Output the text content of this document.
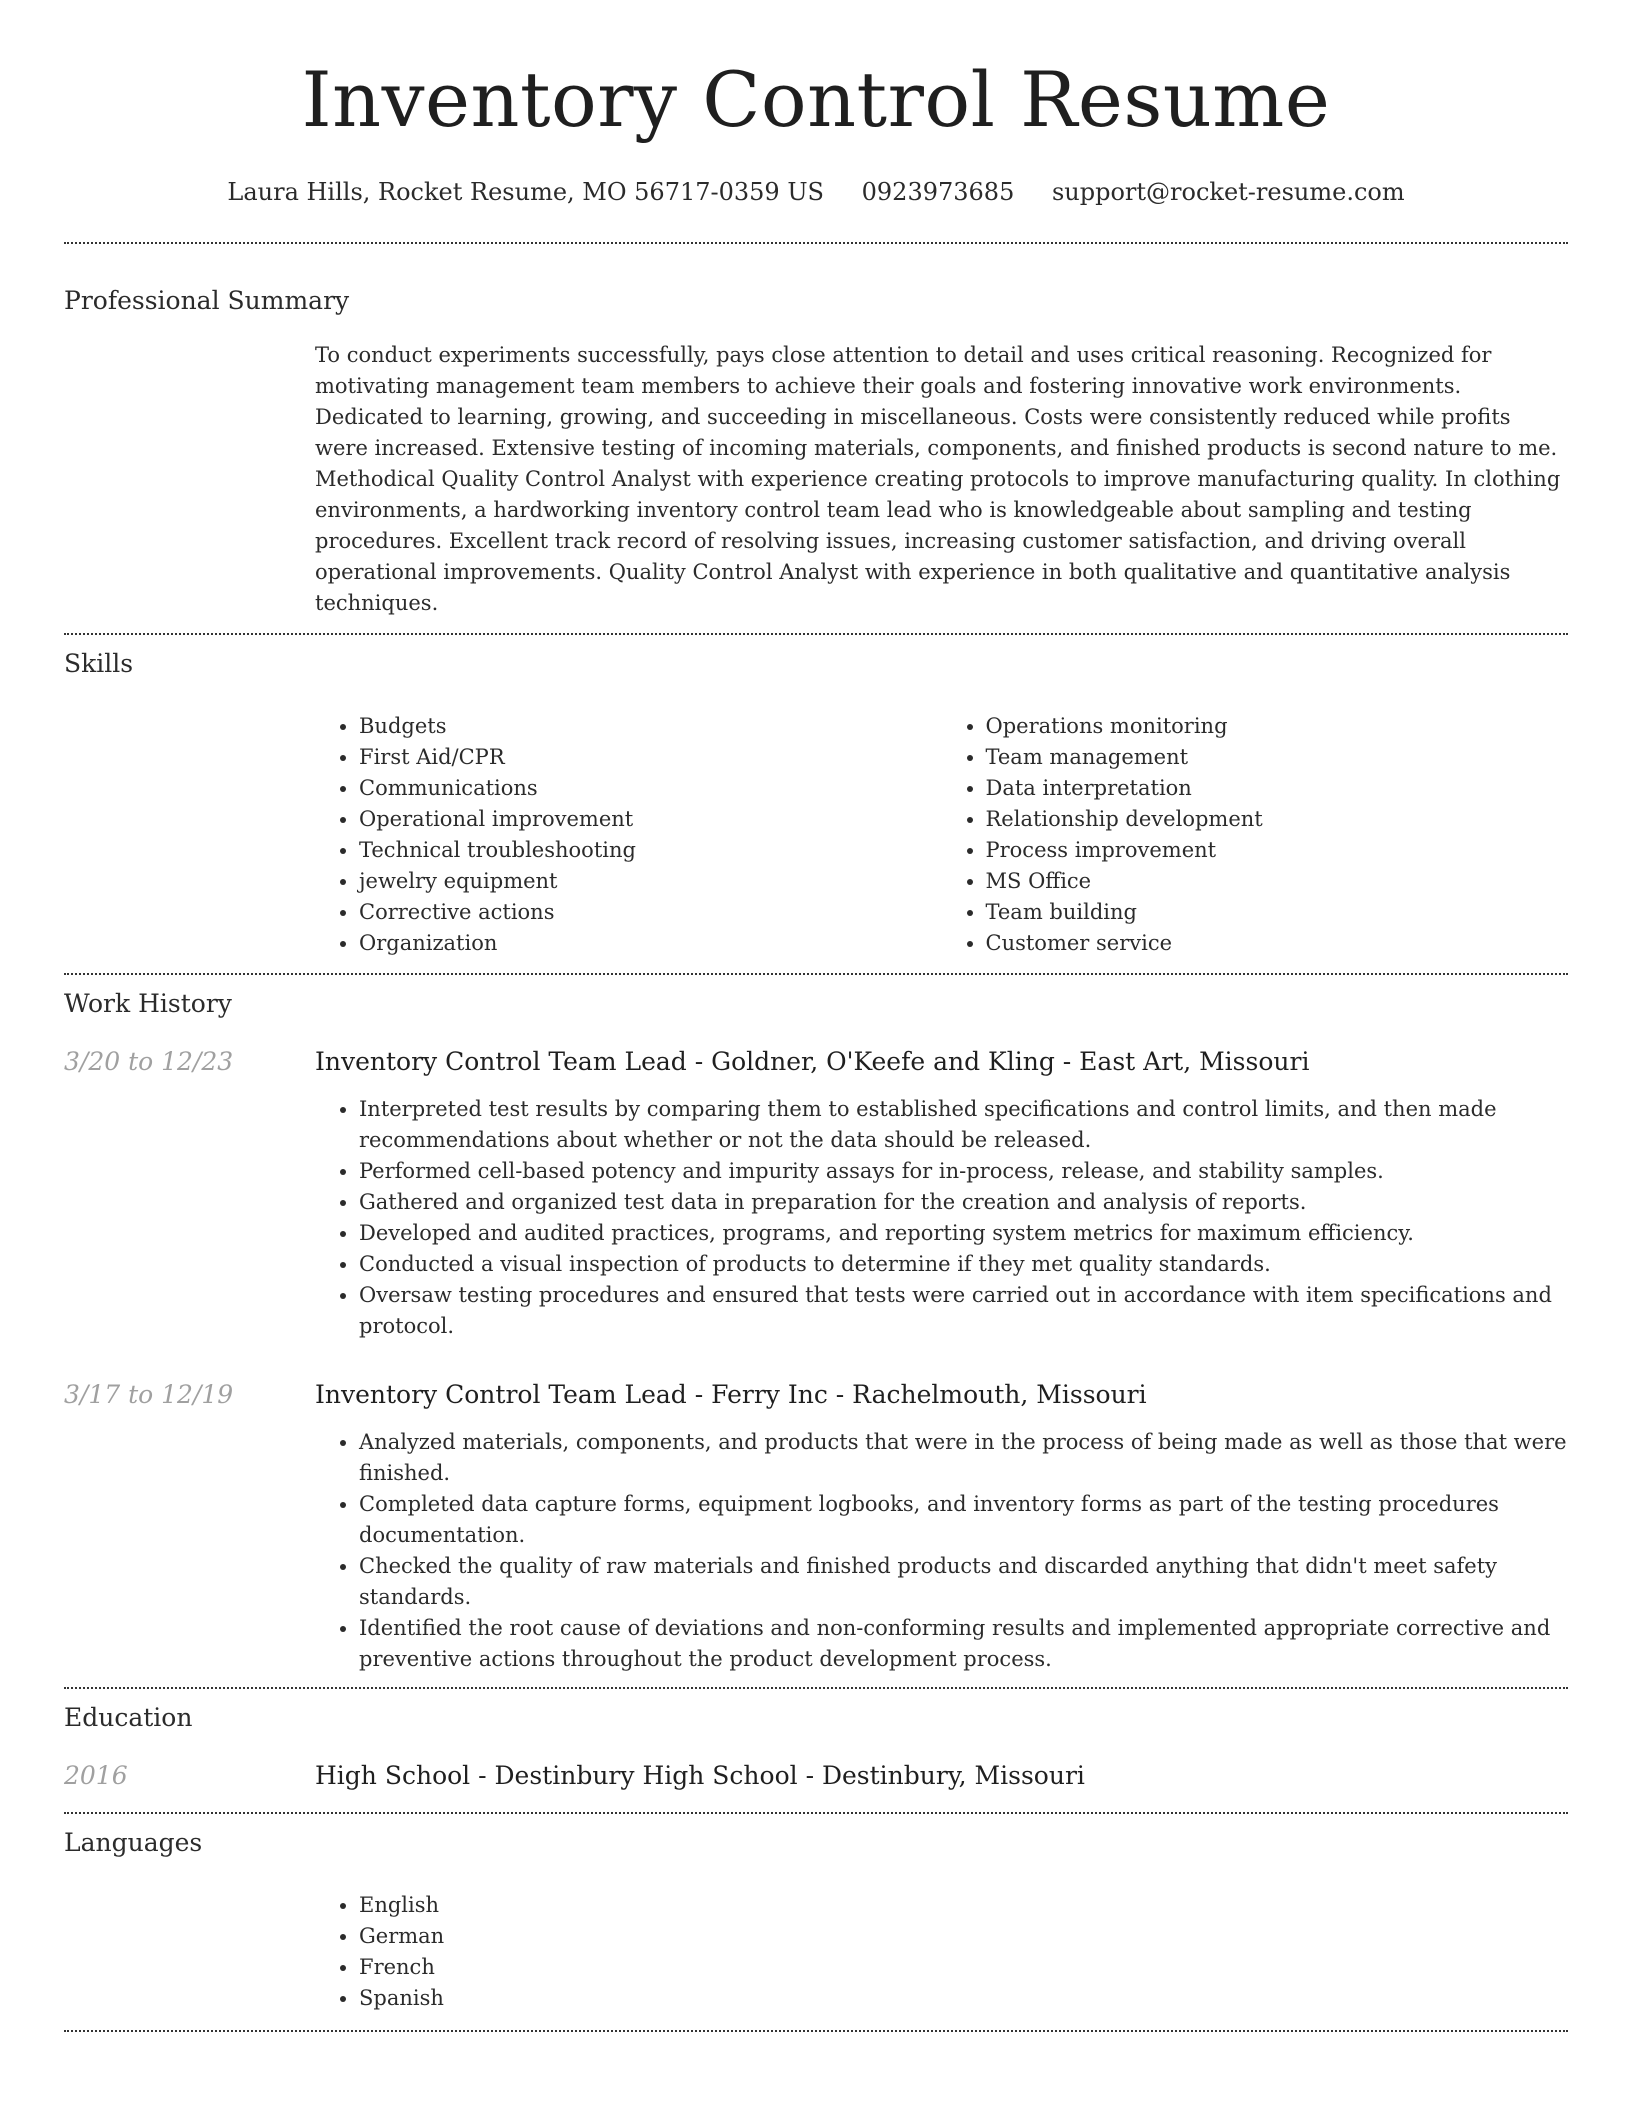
Inventory Control Resume
Laura Hills, Rocket Resume, MO 56717-0359 US 0923973685 support@rocket-resume.com
Professional Summary

To conduct experiments successfully, pays close attention to detail and uses critical reasoning. Recognized for motivating management team members to achieve their goals and fostering innovative work environments. Dedicated to learning, growing, and succeeding in miscellaneous. Costs were consistently reduced while profits were increased. Extensive testing of incoming materials, components, and finished products is second nature to me. Methodical Quality Control Analyst with experience creating protocols to improve manufacturing quality. In clothing environments, a hardworking inventory control team lead who is knowledgeable about sampling and testing procedures. Excellent track record of resolving issues, increasing customer satisfaction, and driving overall operational improvements. Quality Control Analyst with experience in both qualitative and quantitative analysis techniques.

Skills
• Budgets
• First Aid/CPR
• Communications
• Operational improvement
• Technical troubleshooting
• jewelry equipment
• Corrective actions
• Organization
• Operations monitoring
• Team management
• Data interpretation
• Relationship development
• Process improvement
• MS Office
• Team building
• Customer service
Work History
3/20 to 12/23	Inventory Control Team Lead - Goldner, O'Keefe and Kling - East Art, Missouri
• Interpreted test results by comparing them to established specifications and control limits, and then made recommendations about whether or not the data should be released.
• Performed cell-based potency and impurity assays for in-process, release, and stability samples.
• Gathered and organized test data in preparation for the creation and analysis of reports.
• Developed and audited practices, programs, and reporting system metrics for maximum efficiency.
• Conducted a visual inspection of products to determine if they met quality standards.
• Oversaw testing procedures and ensured that tests were carried out in accordance with item specifications and protocol.
3/17 to 12/19	Inventory Control Team Lead - Ferry Inc - Rachelmouth, Missouri
• Analyzed materials, components, and products that were in the process of being made as well as those that were finished.
• Completed data capture forms, equipment logbooks, and inventory forms as part of the testing procedures documentation.
• Checked the quality of raw materials and finished products and discarded anything that didn't meet safety standards.
• Identified the root cause of deviations and non-conforming results and implemented appropriate corrective and preventive actions throughout the product development process.
Education
2016	High School - Destinbury High School - Destinbury, Missouri
Languages
• English
• German
• French
• Spanish
